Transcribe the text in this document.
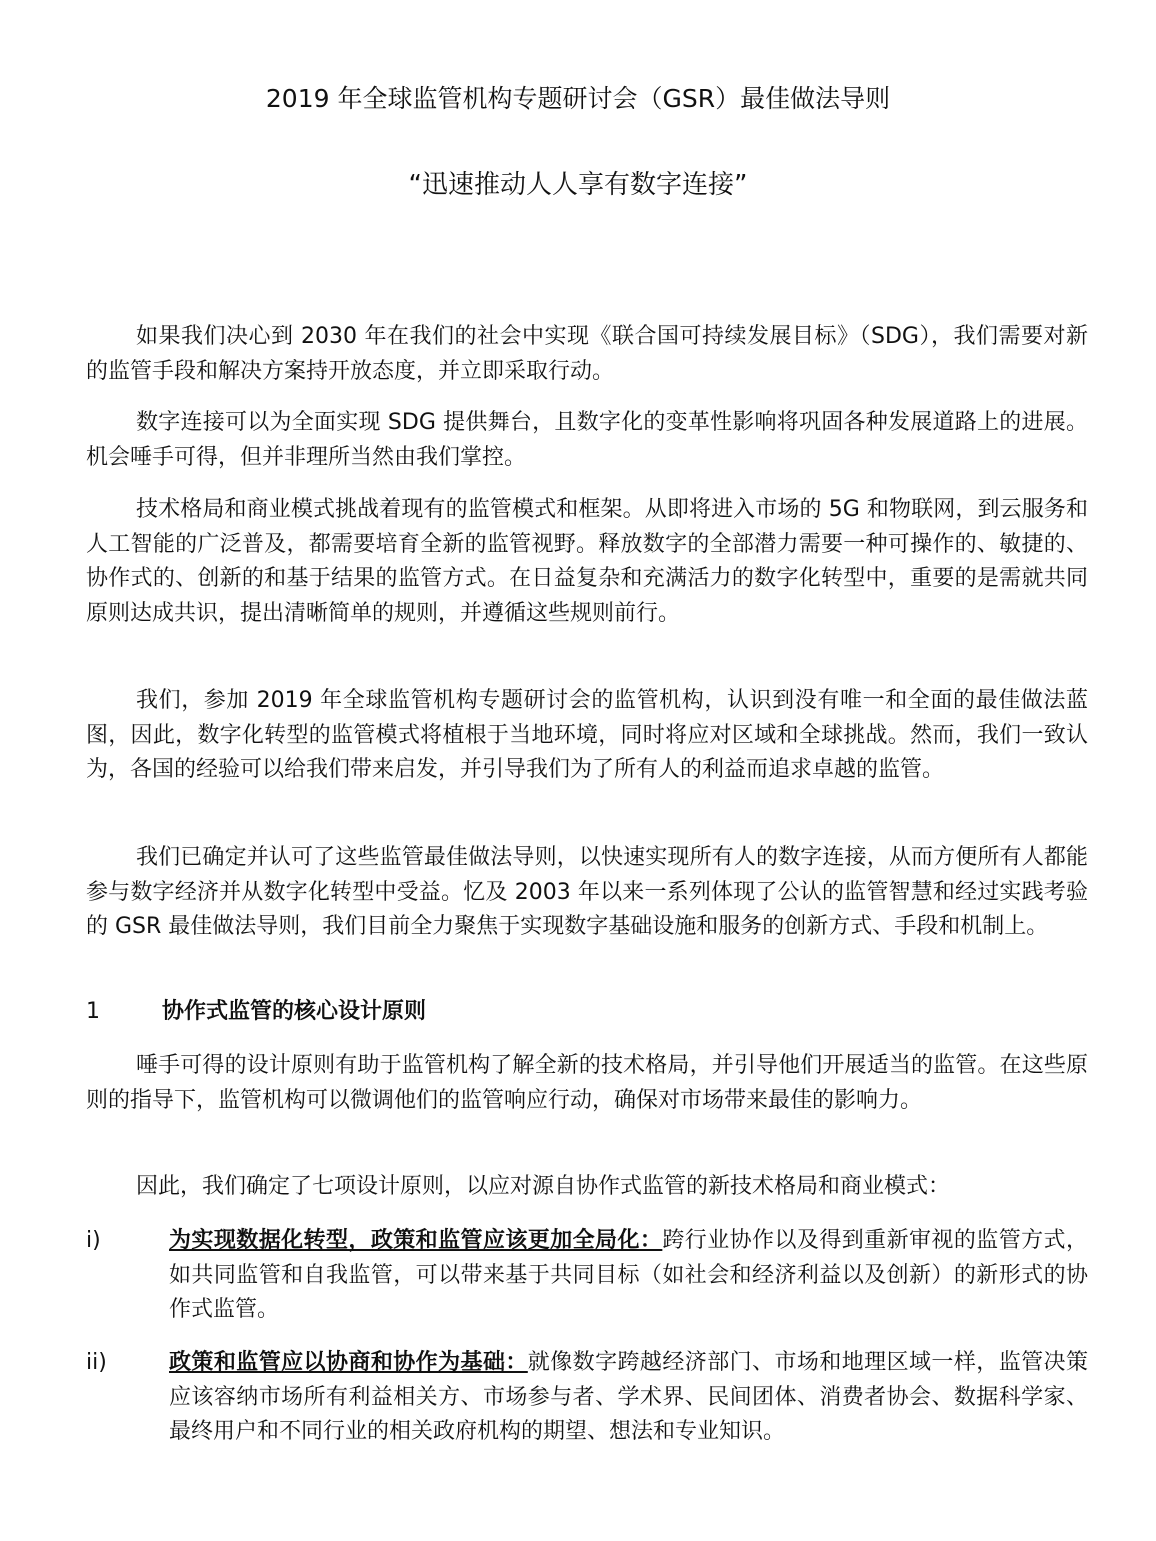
2019 年全球监管机构专题研讨会（GSR）最佳做法导则
“迅速推动人人享有数字连接”

如果我们决心到 2030 年在我们的社会中实现《联合国可持续发展目标》（SDG），我们需要对新的监管手段和解决方案持开放态度，并立即采取行动。

数字连接可以为全面实现 SDG 提供舞台，且数字化的变革性影响将巩固各种发展道路上的进展。机会唾手可得，但并非理所当然由我们掌控。

技术格局和商业模式挑战着现有的监管模式和框架。从即将进入市场的 5G 和物联网，到云服务和人工智能的广泛普及，都需要培育全新的监管视野。释放数字的全部潜力需要一种可操作的、敏捷的、协作式的、创新的和基于结果的监管方式。在日益复杂和充满活力的数字化转型中，重要的是需就共同原则达成共识，提出清晰简单的规则，并遵循这些规则前行。

我们，参加 2019 年全球监管机构专题研讨会的监管机构，认识到没有唯一和全面的最佳做法蓝图，因此，数字化转型的监管模式将植根于当地环境，同时将应对区域和全球挑战。然而，我们一致认为，各国的经验可以给我们带来启发，并引导我们为了所有人的利益而追求卓越的监管。

我们已确定并认可了这些监管最佳做法导则，以快速实现所有人的数字连接，从而方便所有人都能参与数字经济并从数字化转型中受益。忆及 2003 年以来一系列体现了公认的监管智慧和经过实践考验的 GSR 最佳做法导则，我们目前全力聚焦于实现数字基础设施和服务的创新方式、手段和机制上。

1	协作式监管的核心设计原则

唾手可得的设计原则有助于监管机构了解全新的技术格局，并引导他们开展适当的监管。在这些原则的指导下，监管机构可以微调他们的监管响应行动，确保对市场带来最佳的影响力。

因此，我们确定了七项设计原则，以应对源自协作式监管的新技术格局和商业模式：

i)	为实现数据化转型，政策和监管应该更加全局化：跨行业协作以及得到重新审视的监管方式，如共同监管和自我监管，可以带来基于共同目标（如社会和经济利益以及创新）的新形式的协作式监管。
ii)	政策和监管应以协商和协作为基础：就像数字跨越经济部门、市场和地理区域一样，监管决策应该容纳市场所有利益相关方、市场参与者、学术界、民间团体、消费者协会、数据科学家、最终用户和不同行业的相关政府机构的期望、想法和专业知识。
